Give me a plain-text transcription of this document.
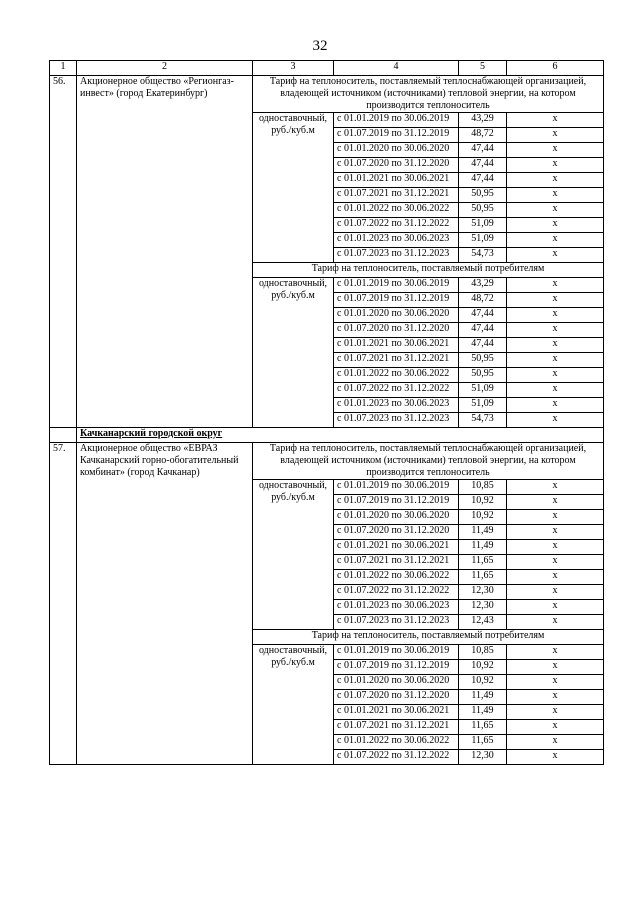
32
1	2	3	4	5	6
56.	Акционерное общество «Регионгаз-инвест» (город Екатеринбург)	Тариф на теплоноситель, поставляемый теплоснабжающей организацией, владеющей источником (источниками) тепловой энергии, на котором производится теплоноситель			
		одноставочный, руб./куб.м	с 01.01.2019 по 30.06.2019	43,29	х
			с 01.07.2019 по 31.12.2019	48,72	х
			с 01.01.2020 по 30.06.2020	47,44	х
			с 01.07.2020 по 31.12.2020	47,44	х
			с 01.01.2021 по 30.06.2021	47,44	х
			с 01.07.2021 по 31.12.2021	50,95	х
			с 01.01.2022 по 30.06.2022	50,95	х
			с 01.07.2022 по 31.12.2022	51,09	х
			с 01.01.2023 по 30.06.2023	51,09	х
			с 01.07.2023 по 31.12.2023	54,73	х
		Тариф на теплоноситель, поставляемый потребителям			
		одноставочный, руб./куб.м	с 01.01.2019 по 30.06.2019	43,29	х
			с 01.07.2019 по 31.12.2019	48,72	х
			с 01.01.2020 по 30.06.2020	47,44	х
			с 01.07.2020 по 31.12.2020	47,44	х
			с 01.01.2021 по 30.06.2021	47,44	х
			с 01.07.2021 по 31.12.2021	50,95	х
			с 01.01.2022 по 30.06.2022	50,95	х
			с 01.07.2022 по 31.12.2022	51,09	х
			с 01.01.2023 по 30.06.2023	51,09	х
			с 01.07.2023 по 31.12.2023	54,73	х
	Качканарский городской округ				
57.	Акционерное общество «ЕВРАЗ Качканарский горно-обогатительный комбинат» (город Качканар)	Тариф на теплоноситель, поставляемый теплоснабжающей организацией, владеющей источником (источниками) тепловой энергии, на котором производится теплоноситель			
		одноставочный, руб./куб.м	с 01.01.2019 по 30.06.2019	10,85	х
			с 01.07.2019 по 31.12.2019	10,92	х
			с 01.01.2020 по 30.06.2020	10,92	х
			с 01.07.2020 по 31.12.2020	11,49	х
			с 01.01.2021 по 30.06.2021	11,49	х
			с 01.07.2021 по 31.12.2021	11,65	х
			с 01.01.2022 по 30.06.2022	11,65	х
			с 01.07.2022 по 31.12.2022	12,30	х
			с 01.01.2023 по 30.06.2023	12,30	х
			с 01.07.2023 по 31.12.2023	12,43	х
		Тариф на теплоноситель, поставляемый потребителям			
		одноставочный, руб./куб.м	с 01.01.2019 по 30.06.2019	10,85	х
			с 01.07.2019 по 31.12.2019	10,92	х
			с 01.01.2020 по 30.06.2020	10,92	х
			с 01.07.2020 по 31.12.2020	11,49	х
			с 01.01.2021 по 30.06.2021	11,49	х
			с 01.07.2021 по 31.12.2021	11,65	х
			с 01.01.2022 по 30.06.2022	11,65	х
			с 01.07.2022 по 31.12.2022	12,30	х
